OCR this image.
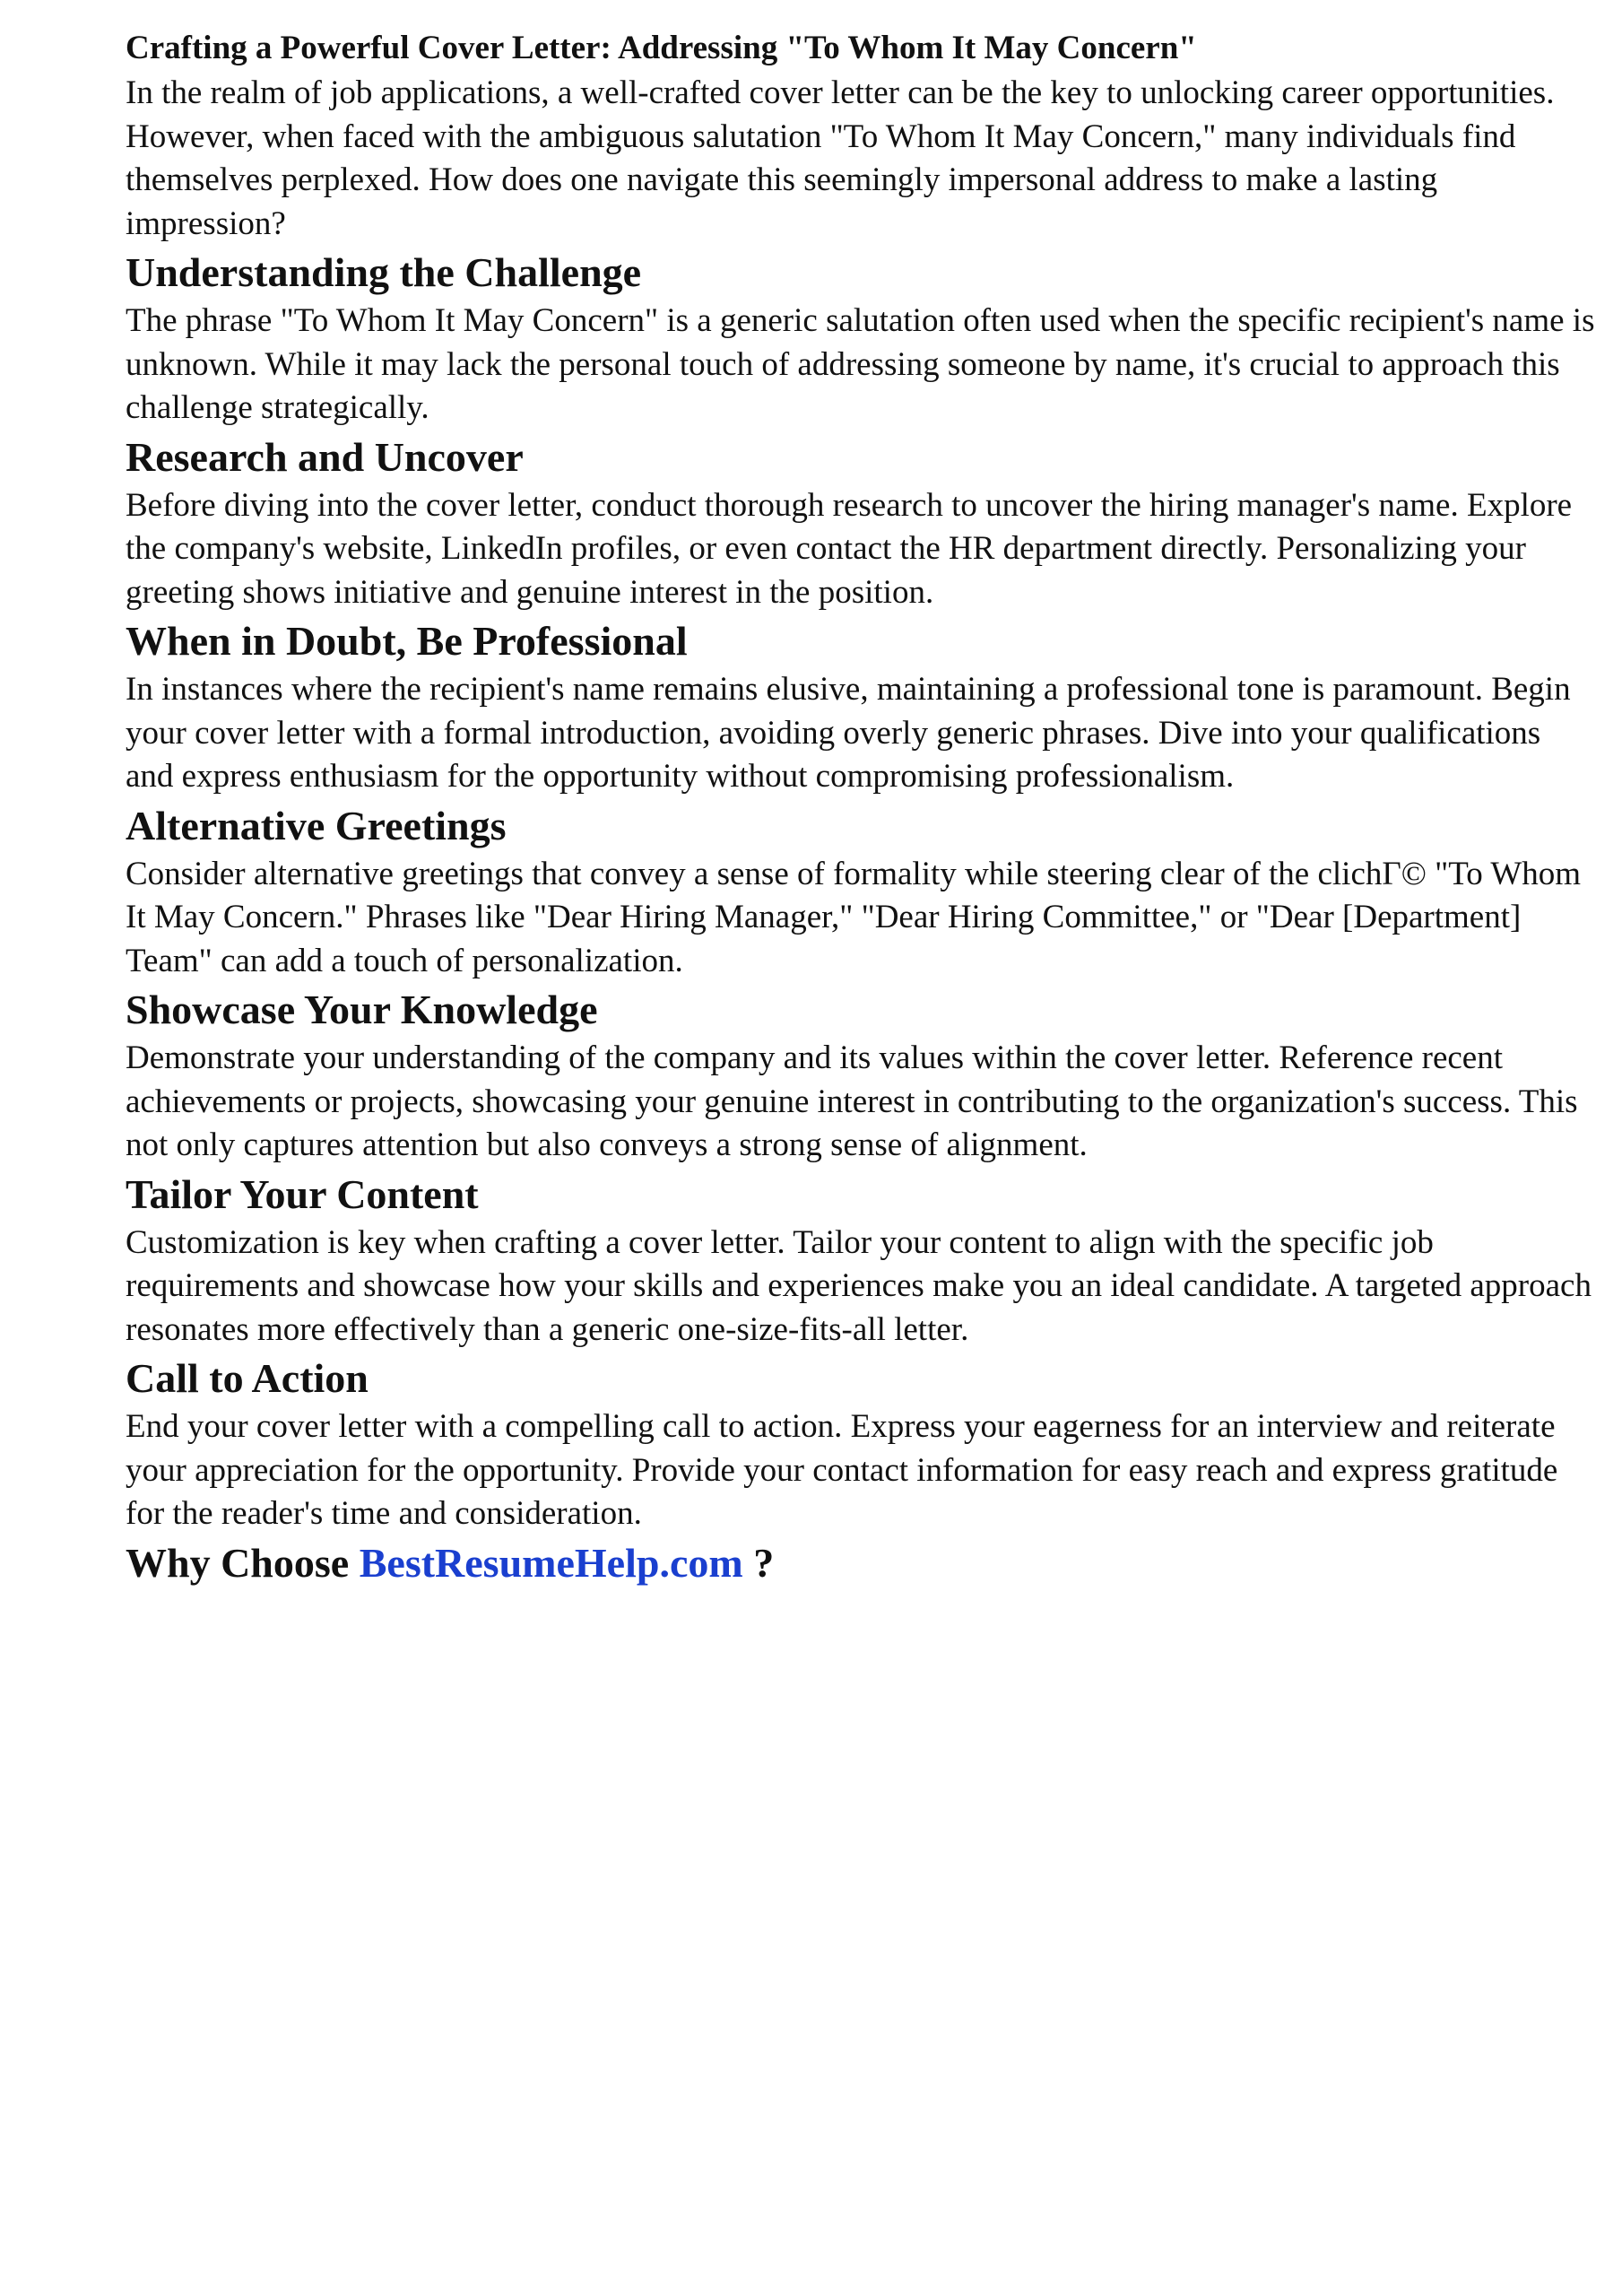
Crafting a Powerful Cover Letter: Addressing "To Whom It May Concern"

In the realm of job applications, a well-crafted cover letter can be the key to unlocking career opportunities. However, when faced with the ambiguous salutation "To Whom It May Concern," many individuals find themselves perplexed. How does one navigate this seemingly impersonal address to make a lasting impression?

Understanding the Challenge

The phrase "To Whom It May Concern" is a generic salutation often used when the specific recipient's name is unknown. While it may lack the personal touch of addressing someone by name, it's crucial to approach this challenge strategically.

Research and Uncover

Before diving into the cover letter, conduct thorough research to uncover the hiring manager's name. Explore the company's website, LinkedIn profiles, or even contact the HR department directly. Personalizing your greeting shows initiative and genuine interest in the position.

When in Doubt, Be Professional

In instances where the recipient's name remains elusive, maintaining a professional tone is paramount. Begin your cover letter with a formal introduction, avoiding overly generic phrases. Dive into your qualifications and express enthusiasm for the opportunity without compromising professionalism.

Alternative Greetings

Consider alternative greetings that convey a sense of formality while steering clear of the clichΓ© "To Whom It May Concern." Phrases like "Dear Hiring Manager," "Dear Hiring Committee," or "Dear [Department] Team" can add a touch of personalization.

Showcase Your Knowledge

Demonstrate your understanding of the company and its values within the cover letter. Reference recent achievements or projects, showcasing your genuine interest in contributing to the organization's success. This not only captures attention but also conveys a strong sense of alignment.

Tailor Your Content

Customization is key when crafting a cover letter. Tailor your content to align with the specific job requirements and showcase how your skills and experiences make you an ideal candidate. A targeted approach resonates more effectively than a generic one-size-fits-all letter.

Call to Action

End your cover letter with a compelling call to action. Express your eagerness for an interview and reiterate your appreciation for the opportunity. Provide your contact information for easy reach and express gratitude for the reader's time and consideration.

Why Choose BestResumeHelp.com ?
